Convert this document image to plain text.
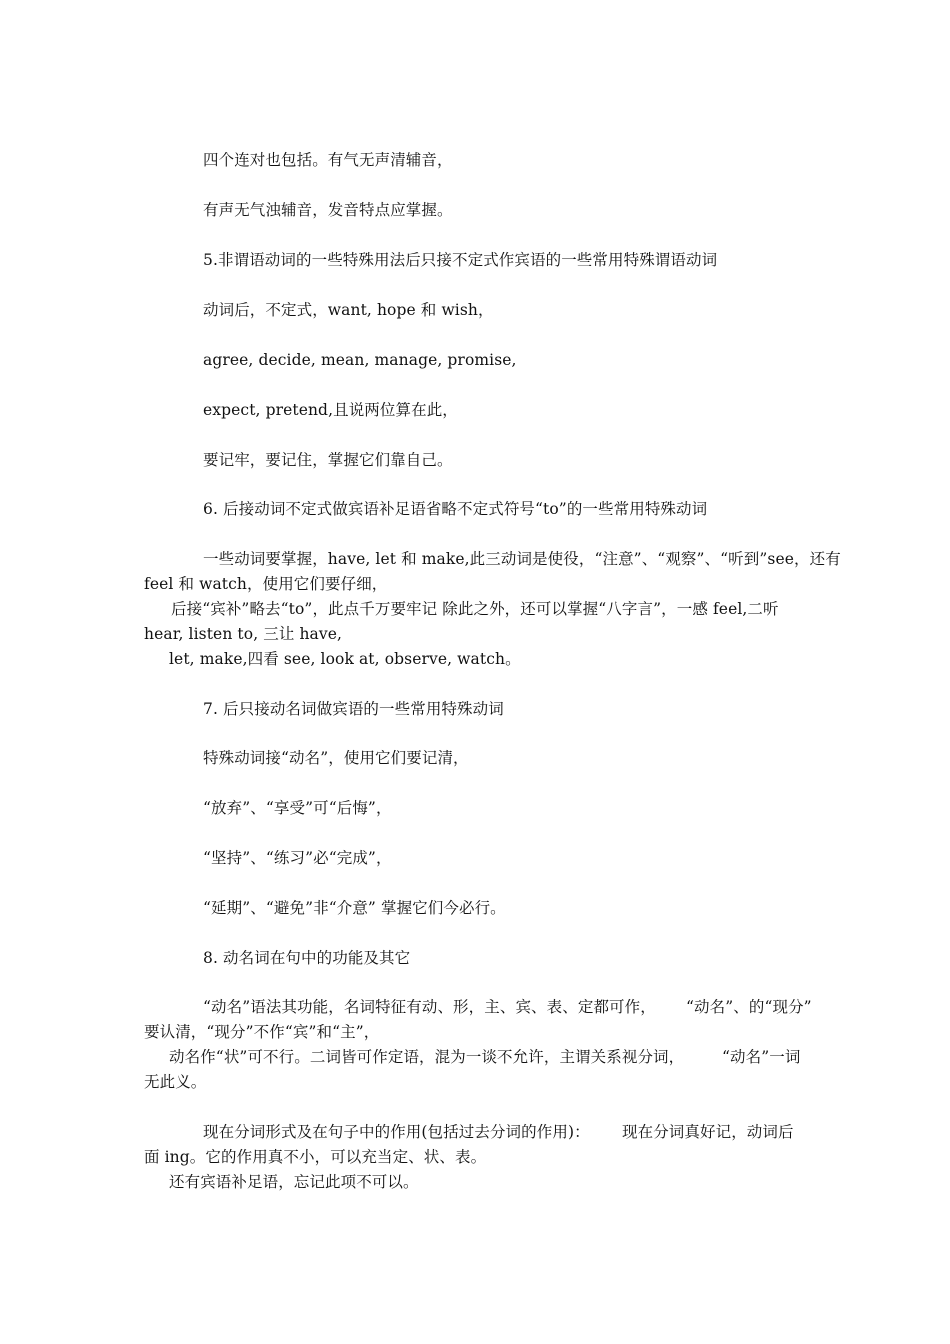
四个连对也包括。有气无声清辅音，
有声无气浊辅音，发音特点应掌握。
5.非谓语动词的一些特殊用法后只接不定式作宾语的一些常用特殊谓语动词
动词后，不定式，want, hope 和 wish，
agree, decide, mean, manage, promise,
expect, pretend,且说两位算在此，
要记牢，要记住，掌握它们靠自己。
6. 后接动词不定式做宾语补足语省略不定式符号“to”的一些常用特殊动词
一些动词要掌握，have, let 和 make,此三动词是使役，“注意”、“观察”、“听到”see，还有
feel 和 watch，使用它们要仔细，
后接“宾补”略去“to”，此点千万要牢记 除此之外，还可以掌握“八字言”，一感 feel,二听
hear, listen to, 三让 have,
let, make,四看 see, look at, observe, watch。
7. 后只接动名词做宾语的一些常用特殊动词
特殊动词接“动名”，使用它们要记清，
“放弃”、“享受”可“后悔”，
“坚持”、“练习”必“完成”，
“延期”、“避免”非“介意” 掌握它们今必行。
8. 动名词在句中的功能及其它
“动名”语法其功能，名词特征有动、形，主、宾、表、定都可作， “动名”、的“现分”
要认清，“现分”不作“宾”和“主”，
动名作“状”可不行。二词皆可作定语，混为一谈不允许，主谓关系视分词， “动名”一词
无此义。
现在分词形式及在句子中的作用(包括过去分词的作用)： 现在分词真好记，动词后
面 ing。它的作用真不小，可以充当定、状、表。
还有宾语补足语，忘记此项不可以。
